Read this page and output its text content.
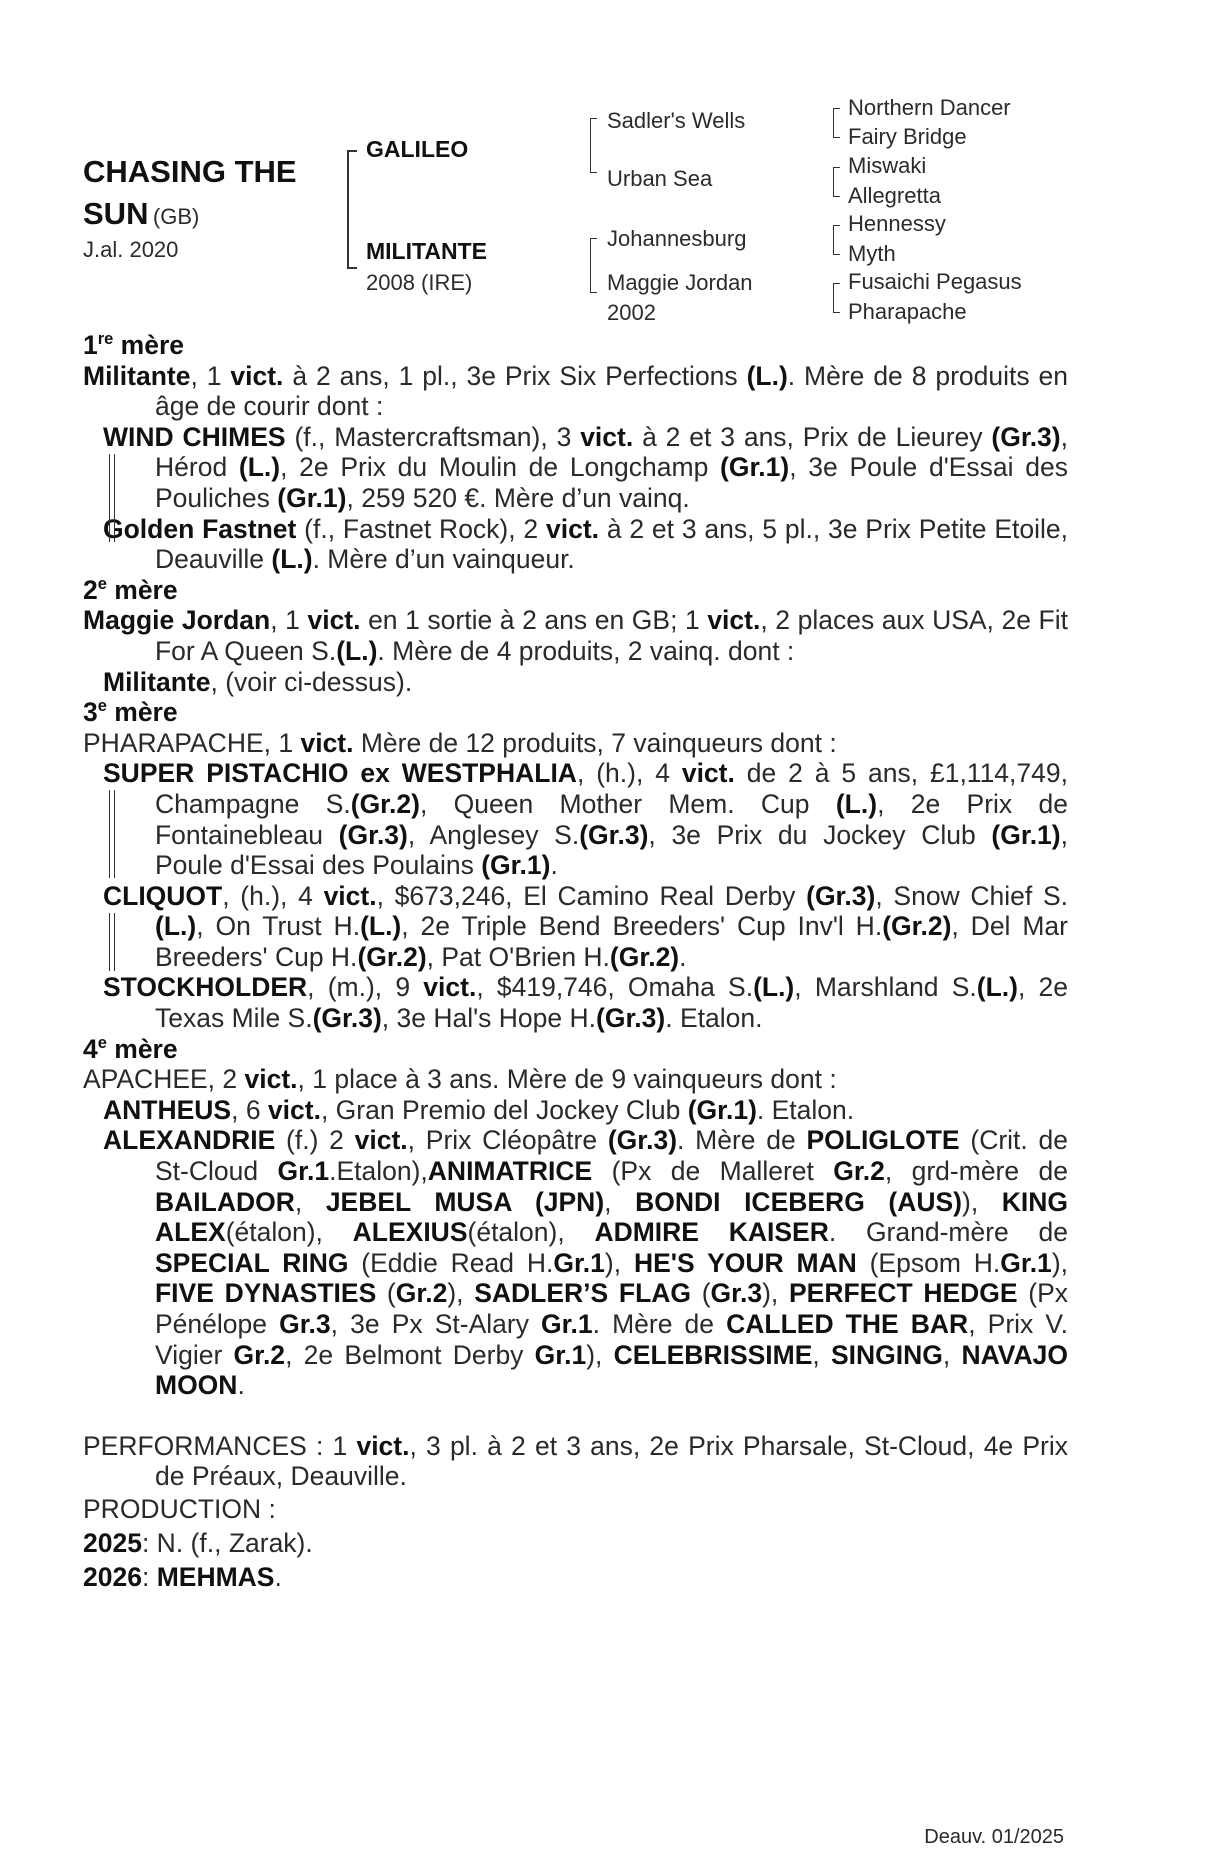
CHASING THE
SUN (GB)
J.al. 2020
GALILEO
MILITANTE
2008 (IRE)
Sadler's Wells
Urban Sea
Johannesburg
Maggie Jordan
2002
Northern Dancer
Fairy Bridge
Miswaki
Allegretta
Hennessy
Myth
Fusaichi Pegasus
Pharapache
1re mère

Militante, 1 vict. à 2 ans, 1 pl., 3e Prix Six Perfections (L.). Mère de 8 produits en âge de courir dont :

WIND CHIMES (f., Mastercraftsman), 3 vict. à 2 et 3 ans, Prix de Lieurey (Gr.3), Hérod (L.), 2e Prix du Moulin de Longchamp (Gr.1), 3e Poule d'Essai des Pouliches (Gr.1), 259 520 €. Mère d’un vainq.

Golden Fastnet (f., Fastnet Rock), 2 vict. à 2 et 3 ans, 5 pl., 3e Prix Petite Etoile, Deauville (L.). Mère d’un vainqueur.

2e mère

Maggie Jordan, 1 vict. en 1 sortie à 2 ans en GB; 1 vict., 2 places aux USA, 2e Fit For A Queen S.(L.). Mère de 4 produits, 2 vainq. dont :

Militante, (voir ci-dessus).

3e mère

PHARAPACHE, 1 vict. Mère de 12 produits, 7 vainqueurs dont :

SUPER PISTACHIO ex WESTPHALIA, (h.), 4 vict. de 2 à 5 ans, £1,114,749, Champagne S.(Gr.2), Queen Mother Mem. Cup (L.), 2e Prix de Fontainebleau (Gr.3), Anglesey S.(Gr.3), 3e Prix du Jockey Club (Gr.1), Poule d'Essai des Poulains (Gr.1).

CLIQUOT, (h.), 4 vict., $673,246, El Camino Real Derby (Gr.3), Snow Chief S.(L.), On Trust H.(L.), 2e Triple Bend Breeders' Cup Inv'l H.(Gr.2), Del Mar Breeders' Cup H.(Gr.2), Pat O'Brien H.(Gr.2).

STOCKHOLDER, (m.), 9 vict., $419,746, Omaha S.(L.), Marshland S.(L.), 2e Texas Mile S.(Gr.3), 3e Hal's Hope H.(Gr.3). Etalon.

4e mère

APACHEE, 2 vict., 1 place à 3 ans. Mère de 9 vainqueurs dont :

ANTHEUS, 6 vict., Gran Premio del Jockey Club (Gr.1). Etalon.

ALEXANDRIE (f.) 2 vict., Prix Cléopâtre (Gr.3). Mère de POLIGLOTE (Crit. de St-Cloud Gr.1.Etalon),ANIMATRICE (Px de Malleret Gr.2, grd-mère de BAILADOR, JEBEL MUSA (JPN), BONDI ICEBERG (AUS)), KING ALEX(étalon), ALEXIUS(étalon), ADMIRE KAISER. Grand-mère de SPECIAL RING (Eddie Read H.Gr.1), HE'S YOUR MAN (Epsom H.Gr.1), FIVE DYNASTIES (Gr.2), SADLER’S FLAG (Gr.3), PERFECT HEDGE (Px Pénélope Gr.3, 3e Px St-Alary Gr.1. Mère de CALLED THE BAR, Prix V. Vigier Gr.2, 2e Belmont Derby Gr.1), CELEBRISSIME, SINGING, NAVAJO MOON.

PERFORMANCES : 1 vict., 3 pl. à 2 et 3 ans, 2e Prix Pharsale, St-Cloud, 4e Prix de Préaux, Deauville.

PRODUCTION :

2025: N. (f., Zarak).

2026: MEHMAS.

Deauv. 01/2025
